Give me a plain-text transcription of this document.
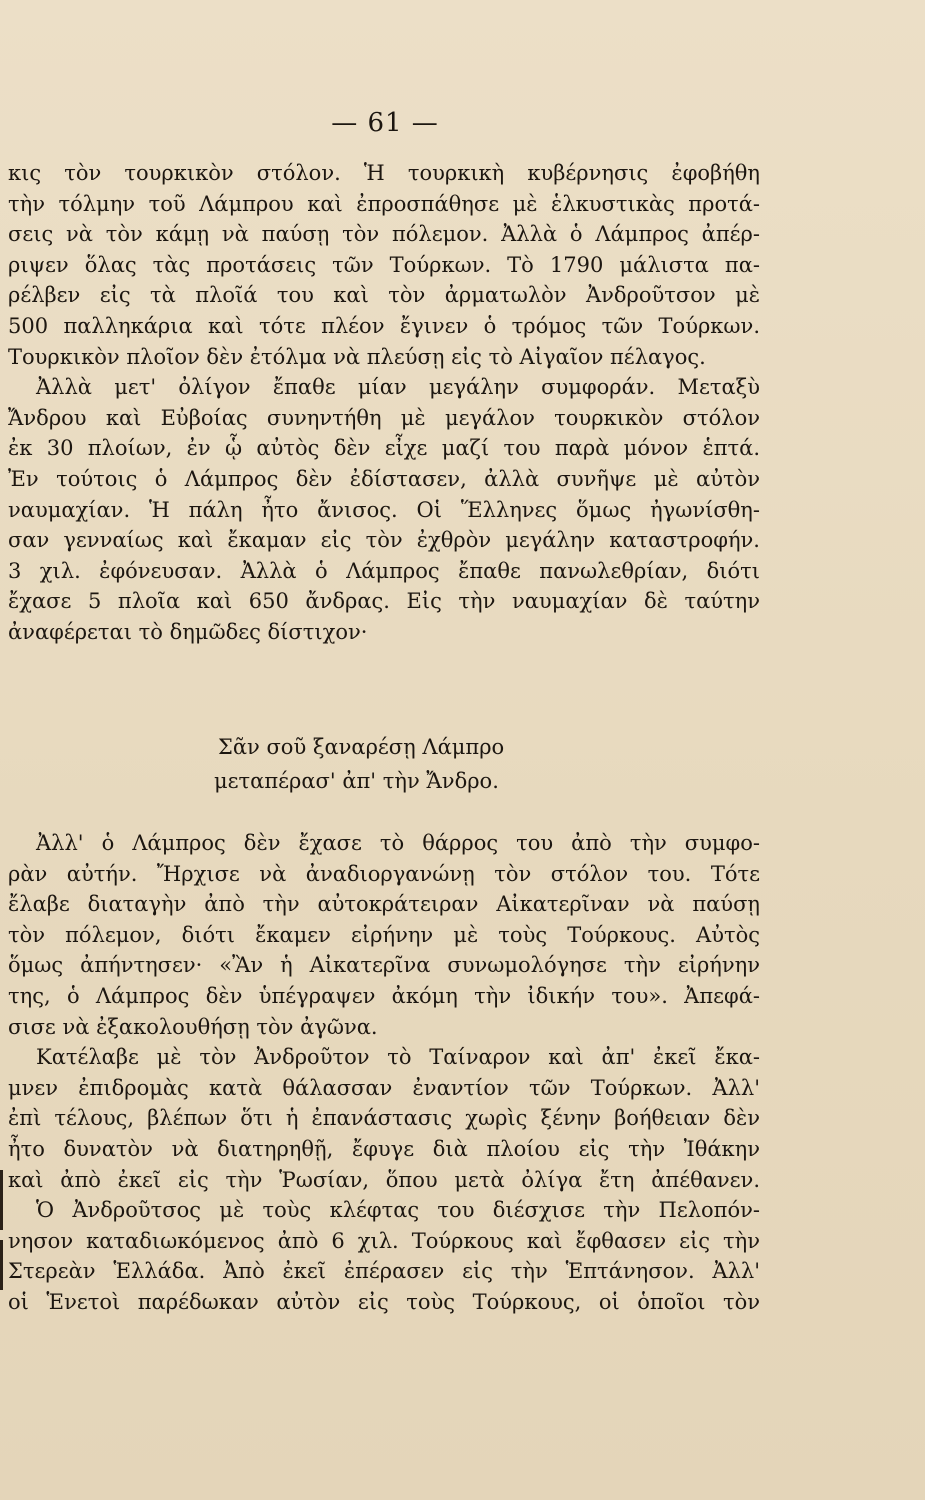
— 61 —
κις τὸν τουρκικὸν στόλον. Ἡ τουρκικὴ κυβέρνησις ἐφοβήθη
τὴν τόλμην τοῦ Λάμπρου καὶ ἐπροσπάθησε μὲ ἑλκυστικὰς προτά-
σεις νὰ τὸν κάμῃ νὰ παύσῃ τὸν πόλεμον. Ἀλλὰ ὁ Λάμπρος ἀπέρ-
ριψεν ὅλας τὰς προτάσεις τῶν Τούρκων. Τὸ 1790 μάλιστα πα-
ρέλβεν εἰς τὰ πλοῖά του καὶ τὸν ἀρματωλὸν Ἀνδροῦτσον μὲ
500 παλληκάρια καὶ τότε πλέον ἔγινεν ὁ τρόμος τῶν Τούρκων.
Τουρκικὸν πλοῖον δὲν ἐτόλμα νὰ πλεύσῃ εἰς τὸ Αἰγαῖον πέλαγος.
Ἀλλὰ μετ' ὀλίγον ἔπαθε μίαν μεγάλην συμφοράν. Μεταξὺ
Ἄνδρου καὶ Εὐβοίας συνηντήθη μὲ μεγάλον τουρκικὸν στόλον
ἐκ 30 πλοίων, ἐν ᾧ αὐτὸς δὲν εἶχε μαζί του παρὰ μόνον ἑπτά.
Ἐν τούτοις ὁ Λάμπρος δὲν ἐδίστασεν, ἀλλὰ συνῆψε μὲ αὐτὸν
ναυμαχίαν. Ἡ πάλη ἦτο ἄνισος. Οἱ Ἕλληνες ὅμως ἠγωνίσθη-
σαν γενναίως καὶ ἔκαμαν εἰς τὸν ἐχθρὸν μεγάλην καταστροφήν.
3 χιλ. ἐφόνευσαν. Ἀλλὰ ὁ Λάμπρος ἔπαθε πανωλεθρίαν, διότι
ἔχασε 5 πλοῖα καὶ 650 ἄνδρας. Εἰς τὴν ναυμαχίαν δὲ ταύτην
ἀναφέρεται τὸ δημῶδες δίστιχον·
Σᾶν σοῦ ξαναρέσῃ Λάμπρο
μεταπέρασ' ἀπ' τὴν Ἄνδρο.
Ἀλλ' ὁ Λάμπρος δὲν ἔχασε τὸ θάρρος του ἀπὸ τὴν συμφο-
ρὰν αὐτήν. Ἤρχισε νὰ ἀναδιοργανώνῃ τὸν στόλον του. Τότε
ἔλαβε διαταγὴν ἀπὸ τὴν αὐτοκράτειραν Αἰκατερῖναν νὰ παύσῃ
τὸν πόλεμον, διότι ἔκαμεν εἰρήνην μὲ τοὺς Τούρκους. Αὐτὸς
ὅμως ἀπήντησεν· «Ἂν ἡ Αἰκατερῖνα συνωμολόγησε τὴν εἰρήνην
της, ὁ Λάμπρος δὲν ὑπέγραψεν ἀκόμη τὴν ἰδικήν του». Ἀπεφά-
σισε νὰ ἐξακολουθήσῃ τὸν ἀγῶνα.
Κατέλαβε μὲ τὸν Ἀνδροῦτον τὸ Ταίναρον καὶ ἀπ' ἐκεῖ ἔκα-
μνεν ἐπιδρομὰς κατὰ θάλασσαν ἐναντίον τῶν Τούρκων. Ἀλλ'
ἐπὶ τέλους, βλέπων ὅτι ἡ ἐπανάστασις χωρὶς ξένην βοήθειαν δὲν
ἦτο δυνατὸν νὰ διατηρηθῇ, ἔφυγε διὰ πλοίου εἰς τὴν Ἰθάκην
καὶ ἀπὸ ἐκεῖ εἰς τὴν Ῥωσίαν, ὅπου μετὰ ὀλίγα ἔτη ἀπέθανεν.
Ὁ Ἀνδροῦτσος μὲ τοὺς κλέφτας του διέσχισε τὴν Πελοπόν-
νησον καταδιωκόμενος ἀπὸ 6 χιλ. Τούρκους καὶ ἔφθασεν εἰς τὴν
Στερεὰν Ἑλλάδα. Ἀπὸ ἐκεῖ ἐπέρασεν εἰς τὴν Ἑπτάνησον. Ἀλλ'
οἱ Ἑνετοὶ παρέδωκαν αὐτὸν εἰς τοὺς Τούρκους, οἱ ὁποῖοι τὸν
